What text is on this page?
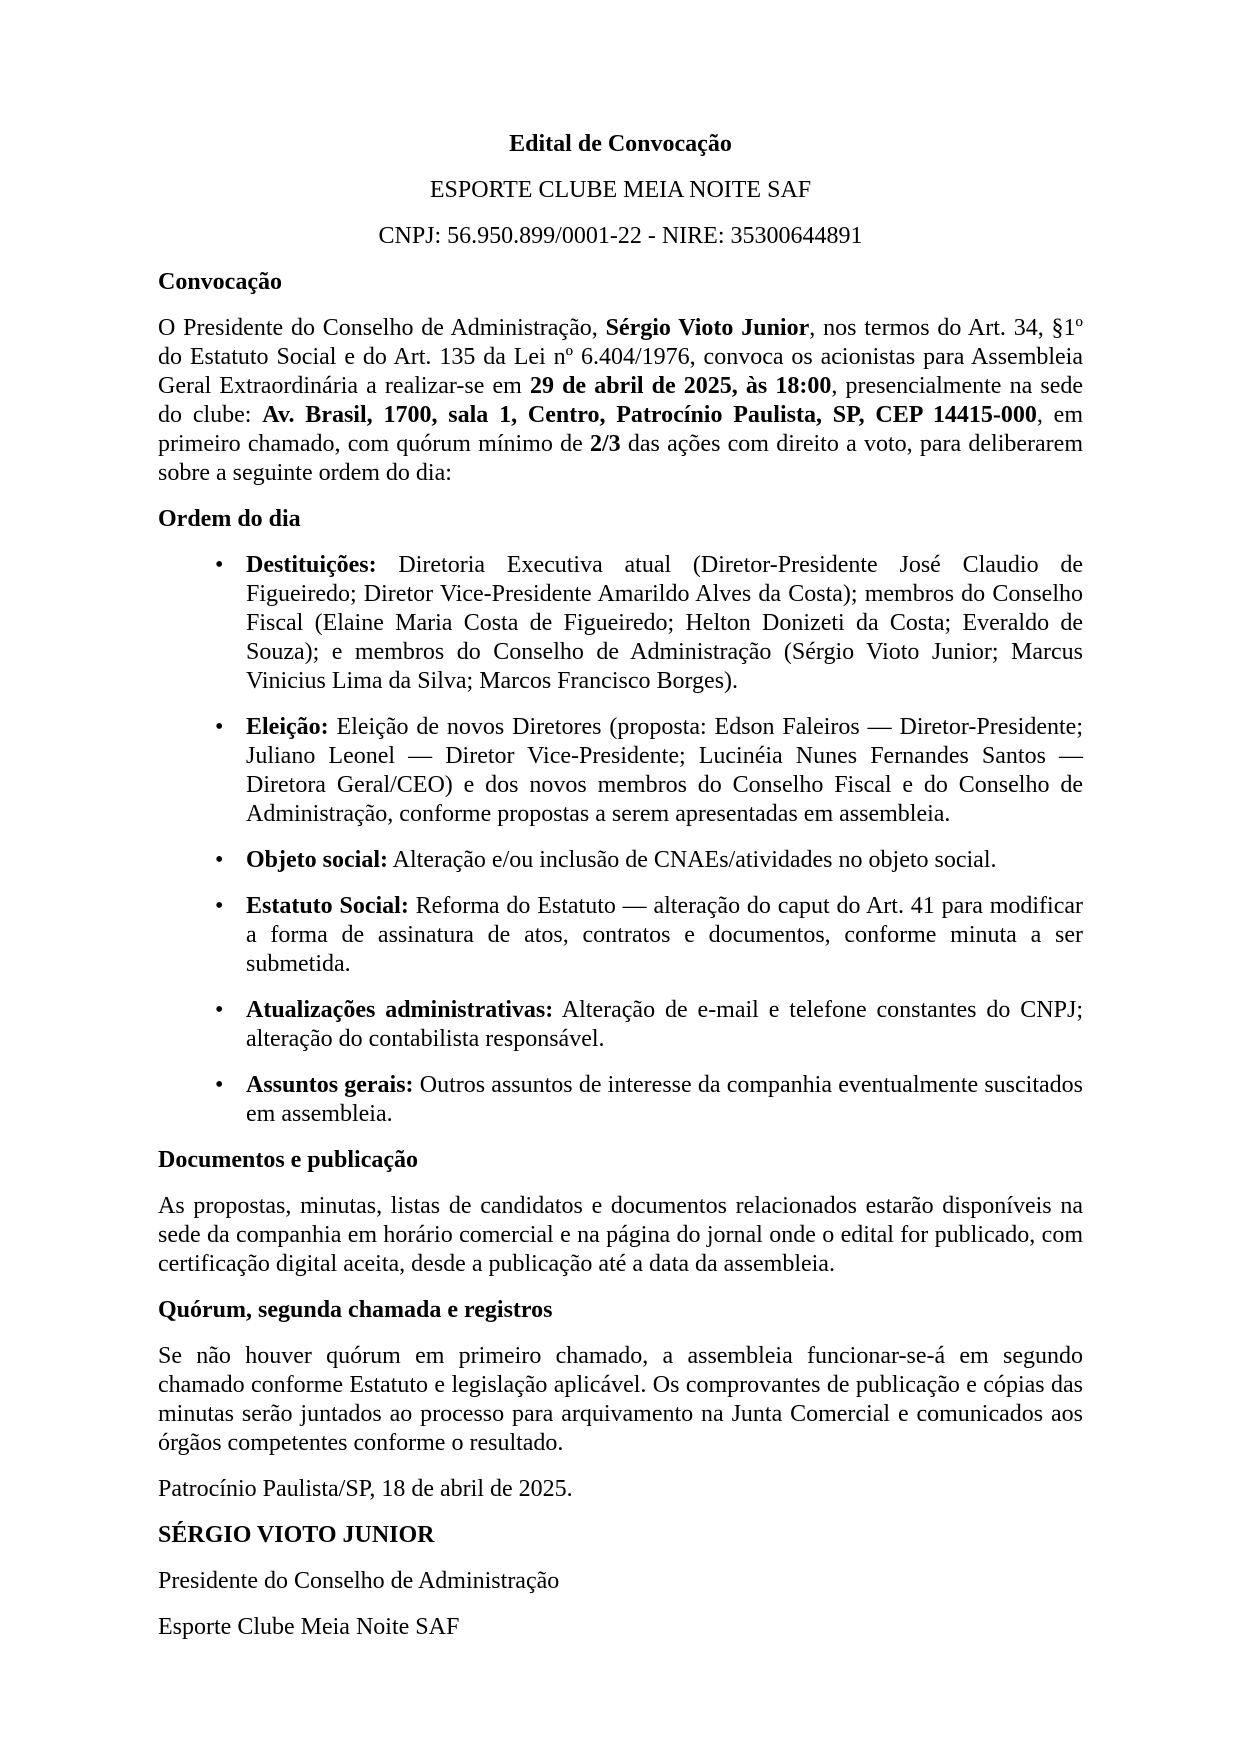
Edital de Convocação

ESPORTE CLUBE MEIA NOITE SAF

CNPJ: 56.950.899/0001-22 - NIRE: 35300644891

Convocação

O Presidente do Conselho de Administração, Sérgio Vioto Junior, nos termos do Art. 34, §1º do Estatuto Social e do Art. 135 da Lei nº 6.404/1976, convoca os acionistas para Assembleia Geral Extraordinária a realizar-se em 29 de abril de 2025, às 18:00, presencialmente na sede do clube: Av. Brasil, 1700, sala 1, Centro, Patrocínio Paulista, SP, CEP 14415-000, em primeiro chamado, com quórum mínimo de 2/3 das ações com direito a voto, para deliberarem sobre a seguinte ordem do dia:

Ordem do dia
• Destituições: Diretoria Executiva atual (Diretor-Presidente José Claudio de Figueiredo; Diretor Vice-Presidente Amarildo Alves da Costa); membros do Conselho Fiscal (Elaine Maria Costa de Figueiredo; Helton Donizeti da Costa; Everaldo de Souza); e membros do Conselho de Administração (Sérgio Vioto Junior; Marcus Vinicius Lima da Silva; Marcos Francisco Borges).
• Eleição: Eleição de novos Diretores (proposta: Edson Faleiros — Diretor-Presidente; Juliano Leonel — Diretor Vice-Presidente; Lucinéia Nunes Fernandes Santos — Diretora Geral/CEO) e dos novos membros do Conselho Fiscal e do Conselho de Administração, conforme propostas a serem apresentadas em assembleia.
• Objeto social: Alteração e/ou inclusão de CNAEs/atividades no objeto social.
• Estatuto Social: Reforma do Estatuto — alteração do caput do Art. 41 para modificar a forma de assinatura de atos, contratos e documentos, conforme minuta a ser submetida.
• Atualizações administrativas: Alteração de e-mail e telefone constantes do CNPJ; alteração do contabilista responsável.
• Assuntos gerais: Outros assuntos de interesse da companhia eventualmente suscitados em assembleia.
Documentos e publicação

As propostas, minutas, listas de candidatos e documentos relacionados estarão disponíveis na sede da companhia em horário comercial e na página do jornal onde o edital for publicado, com certificação digital aceita, desde a publicação até a data da assembleia.

Quórum, segunda chamada e registros

Se não houver quórum em primeiro chamado, a assembleia funcionar-se-á em segundo chamado conforme Estatuto e legislação aplicável. Os comprovantes de publicação e cópias das minutas serão juntados ao processo para arquivamento na Junta Comercial e comunicados aos órgãos competentes conforme o resultado.

Patrocínio Paulista/SP, 18 de abril de 2025.

SÉRGIO VIOTO JUNIOR

Presidente do Conselho de Administração

Esporte Clube Meia Noite SAF
